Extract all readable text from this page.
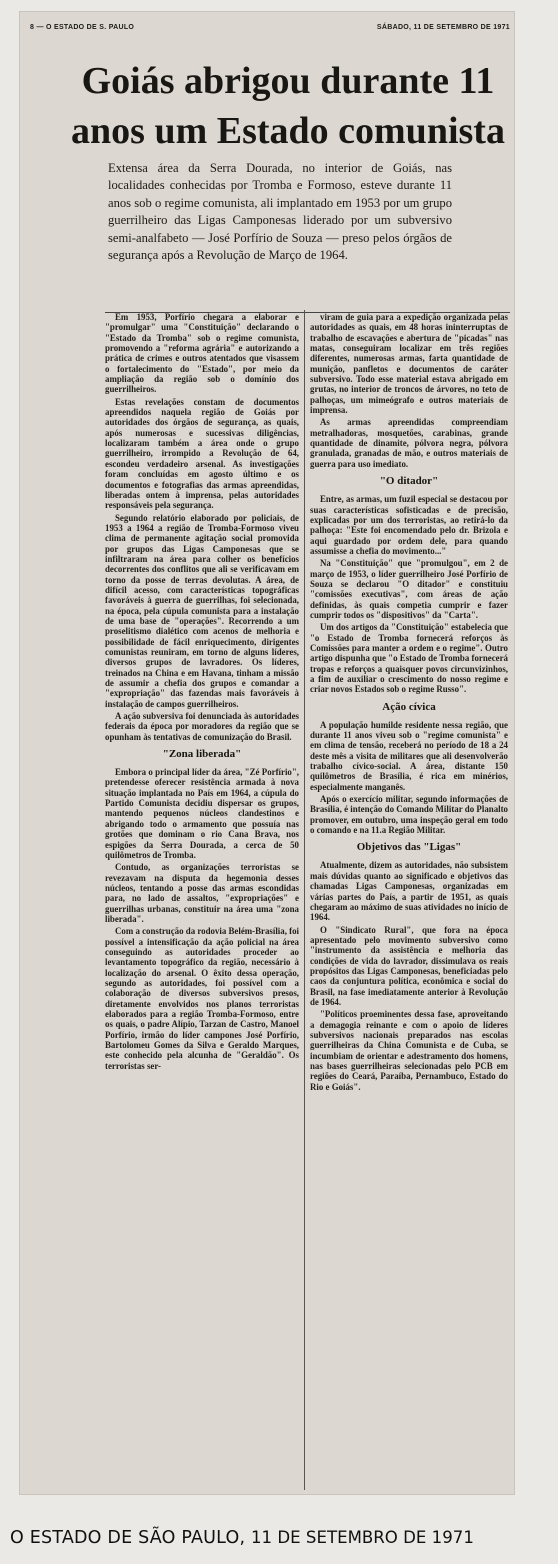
8 — O ESTADO DE S. PAULO	SÁBADO, 11 DE SETEMBRO DE 1971
Goiás abrigou durante 11 anos um Estado comunista
Extensa área da Serra Dourada, no interior de Goiás, nas localidades conhecidas por Tromba e Formoso, esteve durante 11 anos sob o regime comunista, ali implantado em 1953 por um grupo guerrilheiro das Ligas Camponesas liderado por um subversivo semi-analfabeto — José Porfírio de Souza — preso pelos órgãos de segurança após a Revolução de Março de 1964.

Em 1953, Porfírio chegara a elaborar e "promulgar" uma "Constituição" declarando o "Estado da Tromba" sob o regime comunista, promovendo a "reforma agrária" e autorizando a prática de crimes e outros atentados que visassem o fortalecimento do "Estado", por meio da ampliação da região sob o domínio dos guerrilheiros.

Estas revelações constam de documentos apreendidos naquela região de Goiás por autoridades dos órgãos de segurança, as quais, após numerosas e sucessivas diligências, localizaram também a área onde o grupo guerrilheiro, irrompido a Revolução de 64, escondeu verdadeiro arsenal. As investigações foram concluídas em agosto último e os documentos e fotografias das armas apreendidas, liberadas ontem à imprensa, pelas autoridades responsáveis pela segurança.

Segundo relatório elaborado por policiais, de 1953 a 1964 a região de Tromba-Formoso viveu clima de permanente agitação social promovida por grupos das Ligas Camponesas que se infiltraram na área para colher os benefícios decorrentes dos conflitos que ali se verificavam em torno da posse de terras devolutas. A área, de difícil acesso, com características topográficas favoráveis à guerra de guerrilhas, foi selecionada, na época, pela cúpula comunista para a instalação de uma base de "operações". Recorrendo a um proselitismo dialético com acenos de melhoria e possibilidade de fácil enriquecimento, dirigentes comunistas reuniram, em torno de alguns líderes, diversos grupos de lavradores. Os líderes, treinados na China e em Havana, tinham a missão de assumir a chefia dos grupos e comandar a "expropriação" das fazendas mais favoráveis à instalação de campos guerrilheiros.

A ação subversiva foi denunciada às autoridades federais da época por moradores da região que se opunham às tentativas de comunização do Brasil.

"Zona liberada"

Embora o principal líder da área, "Zé Porfírio", pretendesse oferecer resistência armada à nova situação implantada no País em 1964, a cúpula do Partido Comunista decidiu dispersar os grupos, mantendo pequenos núcleos clandestinos e abrigando todo o armamento que possuía nas grotões que dominam o rio Cana Brava, nos espigões da Serra Dourada, a cerca de 50 quilômetros de Tromba.

Contudo, as organizações terroristas se revezavam na disputa da hegemonia desses núcleos, tentando a posse das armas escondidas para, no lado de assaltos, "expropriações" e guerrilhas urbanas, constituir na área uma "zona liberada".

Com a construção da rodovia Belém-Brasília, foi possível a intensificação da ação policial na área conseguindo as autoridades proceder ao levantamento topográfico da região, necessário à localização do arsenal. O êxito dessa operação, segundo as autoridades, foi possível com a colaboração de diversos subversivos presos, diretamente envolvidos nos planos terroristas elaborados para a região Tromba-Formoso, entre os quais, o padre Alípio, Tarzan de Castro, Manoel Porfírio, irmão do líder campones José Porfírio, Bartolomeu Gomes da Silva e Geraldo Marques, este conhecido pela alcunha de "Geraldão". Os terroristas ser-

viram de guia para a expedição organizada pelas autoridades as quais, em 48 horas ininterruptas de trabalho de escavações e abertura de "picadas" nas matas, conseguiram localizar em três regiões diferentes, numerosas armas, farta quantidade de munição, panfletos e documentos de caráter subversivo. Todo esse material estava abrigado em grutas, no interior de troncos de árvores, no teto de palhoças, um mimeógrafo e outros materiais de imprensa.

As armas apreendidas compreendiam metralhadoras, mosquetões, carabinas, grande quantidade de dinamite, pólvora negra, pólvora granulada, granadas de mão, e outros materiais de guerra para uso imediato.

"O ditador"

Entre, as armas, um fuzil especial se destacou por suas características sofisticadas e de precisão, explicadas por um dos terroristas, ao retirá-lo da palhoça: "Este foi encomendado pelo dr. Brizola e aqui guardado por ordem dele, para quando assumisse a chefia do movimento..."

Na "Constituição" que "promulgou", em 2 de março de 1953, o líder guerrilheiro José Porfírio de Souza se declarou "O ditador" e constituiu "comissões executivas", com áreas de ação definidas, às quais competia cumprir e fazer cumprir todos os "dispositivos" da "Carta".

Um dos artigos da "Constituição" estabelecia que "o Estado de Tromba fornecerá reforços às Comissões para manter a ordem e o regime". Outro artigo dispunha que "o Estado de Tromba fornecerá tropas e reforços a quaisquer povos circunvizinhos, a fim de auxiliar o crescimento do nosso regime e criar novos Estados sob o regime Russo".

Ação cívica

A população humilde residente nessa região, que durante 11 anos viveu sob o "regime comunista" e em clima de tensão, receberá no período de 18 a 24 deste mês a visita de militares que ali desenvolverão trabalho cívico-social. A área, distante 150 quilômetros de Brasília, é rica em minérios, especialmente manganês.

Após o exercício militar, segundo informações de Brasília, é intenção do Comando Militar do Planalto promover, em outubro, uma inspeção geral em todo o comando e na 11.a Região Militar.

Objetivos das "Ligas"

Atualmente, dizem as autoridades, não subsistem mais dúvidas quanto ao significado e objetivos das chamadas Ligas Camponesas, organizadas em várias partes do País, a partir de 1951, as quais chegaram ao máximo de suas atividades no início de 1964.

O "Sindicato Rural", que fora na época apresentado pelo movimento subversivo como "instrumento da assistência e melhoria das condições de vida do lavrador, dissimulava os reais propósitos das Ligas Camponesas, beneficiadas pelo caos da conjuntura política, econômica e social do Brasil, na fase imediatamente anterior à Revolução de 1964.

"Políticos proeminentes dessa fase, aproveitando a demagogia reinante e com o apoio de líderes subversivos nacionais preparados nas escolas guerrilheiras da China Comunista e de Cuba, se incumbiam de orientar e adestramento dos homens, nas bases guerrilheiras selecionadas pelo PCB em regiões do Ceará, Paraíba, Pernambuco, Estado do Rio e Goiás".

O ESTADO DE SÃO PAULO, 11 DE SETEMBRO DE 1971
